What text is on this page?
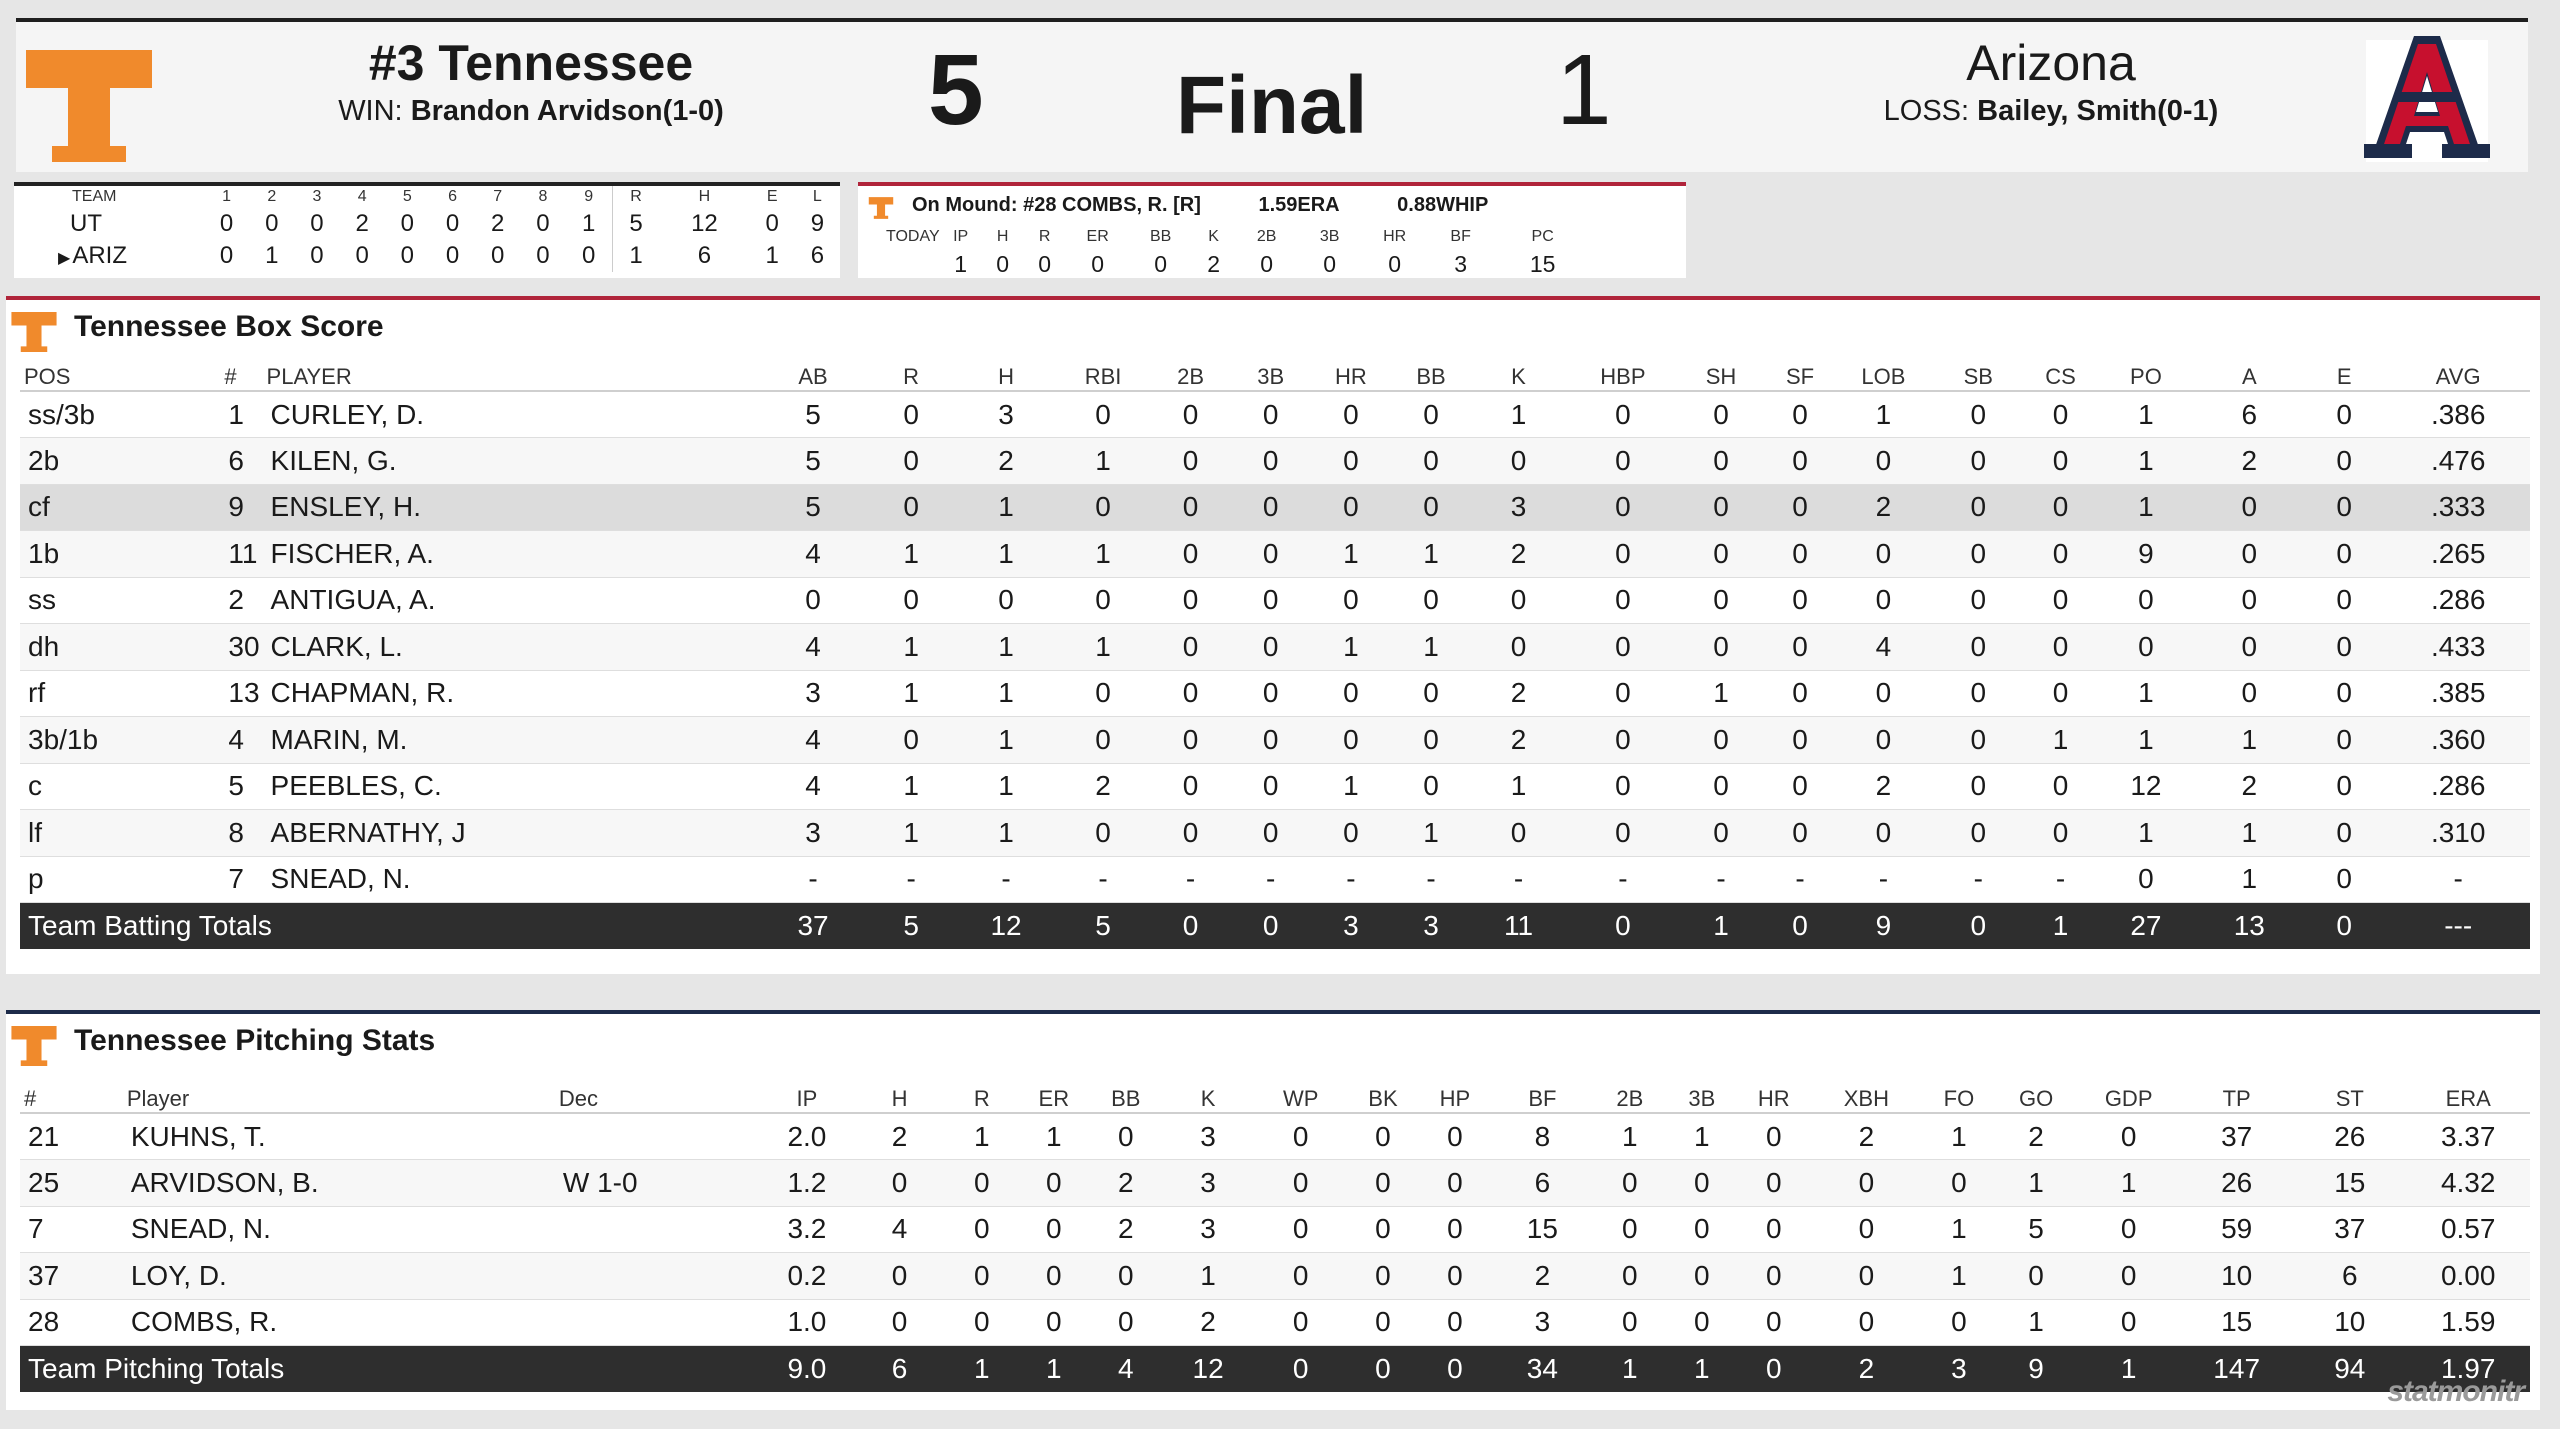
#3 Tennessee
WIN: Brandon Arvidson(1-0)	5 Final 1	Arizona
LOSS: Bailey, Smith(0-1)
TEAM	1	2	3	4	5	6	7	8	9	R	H	E	L
UT	0	0	0	2	0	0	2	0	1	5	12	0	9
▶ARIZ	0	1	0	0	0	0	0	0	0	1	6	1	6
On Mound: #28 COMBS, R. [R]	1.59ERA	0.88WHIP
TODAY	IP	H	R	ER	BB	K	2B	3B	HR	BF	PC
	1	0	0	0	0	2	0	0	0	3	15
Tennessee Box Score
POS	#	PLAYER	AB	R	H	RBI	2B	3B	HR	BB	K	HBP	SH	SF	LOB	SB	CS	PO	A	E	AVG
ss/3b	1	CURLEY, D.	5	0	3	0	0	0	0	0	1	0	0	0	1	0	0	1	6	0	.386
2b	6	KILEN, G.	5	0	2	1	0	0	0	0	0	0	0	0	0	0	0	1	2	0	.476
cf	9	ENSLEY, H.	5	0	1	0	0	0	0	0	3	0	0	0	2	0	0	1	0	0	.333
1b	11	FISCHER, A.	4	1	1	1	0	0	1	1	2	0	0	0	0	0	0	9	0	0	.265
ss	2	ANTIGUA, A.	0	0	0	0	0	0	0	0	0	0	0	0	0	0	0	0	0	0	.286
dh	30	CLARK, L.	4	1	1	1	0	0	1	1	0	0	0	0	4	0	0	0	0	0	.433
rf	13	CHAPMAN, R.	3	1	1	0	0	0	0	0	2	0	1	0	0	0	0	1	0	0	.385
3b/1b	4	MARIN, M.	4	0	1	0	0	0	0	0	2	0	0	0	0	0	1	1	1	0	.360
c	5	PEEBLES, C.	4	1	1	2	0	0	1	0	1	0	0	0	2	0	0	12	2	0	.286
lf	8	ABERNATHY, J	3	1	1	0	0	0	0	1	0	0	0	0	0	0	0	1	1	0	.310
p	7	SNEAD, N.	-	-	-	-	-	-	-	-	-	-	-	-	-	-	-	0	1	0	-
Team Batting Totals			37	5	12	5	0	0	3	3	11	0	1	0	9	0	1	27	13	0	---
Tennessee Pitching Stats
#	Player	Dec	IP	H	R	ER	BB	K	WP	BK	HP	BF	2B	3B	HR	XBH	FO	GO	GDP	TP	ST	ERA
21	KUHNS, T.		2.0	2	1	1	0	3	0	0	0	8	1	1	0	2	1	2	0	37	26	3.37
25	ARVIDSON, B.	W 1-0	1.2	0	0	0	2	3	0	0	0	6	0	0	0	0	0	1	1	26	15	4.32
7	SNEAD, N.		3.2	4	0	0	2	3	0	0	0	15	0	0	0	0	1	5	0	59	37	0.57
37	LOY, D.		0.2	0	0	0	0	1	0	0	0	2	0	0	0	0	1	0	0	10	6	0.00
28	COMBS, R.		1.0	0	0	0	0	2	0	0	0	3	0	0	0	0	0	1	0	15	10	1.59
Team Pitching Totals			9.0	6	1	1	4	12	0	0	0	34	1	1	0	2	3	9	1	147	94	1.97
statmonitr
